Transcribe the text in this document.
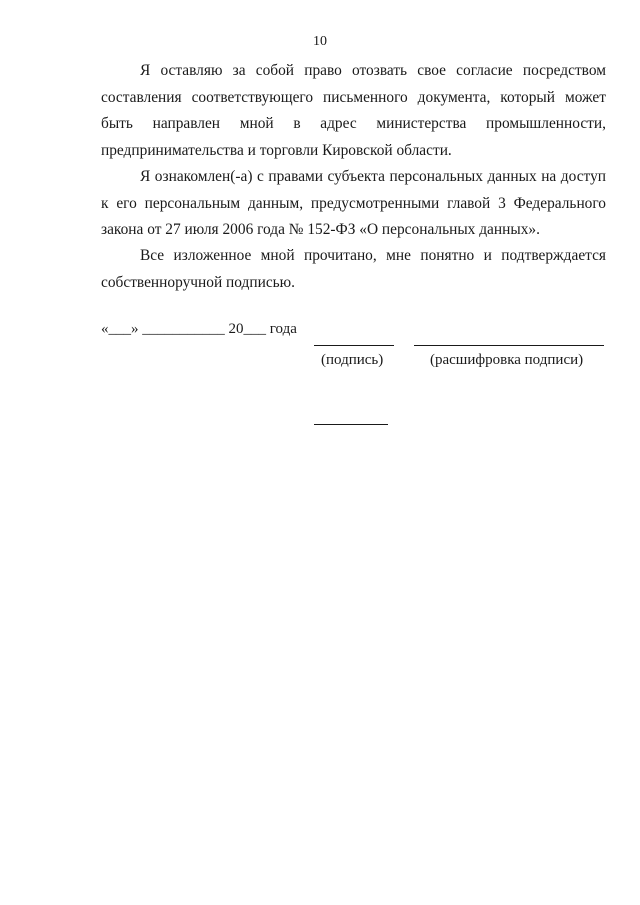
10

Я оставляю за собой право отозвать свое согласие посредством составления соответствующего письменного документа, который может быть направлен мной в адрес министерства промышленности, предпринимательства и торговли Кировской области.

Я ознакомлен(-а) с правами субъекта персональных данных на доступ к его персональным данным, предусмотренными главой 3 Федерального закона от 27 июля 2006 года № 152-ФЗ «О персональных данных».

Все изложенное мной прочитано, мне понятно и подтверждается собственноручной подписью.

«___» ___________ 20___ года
(подпись)	(расшифровка подписи)
